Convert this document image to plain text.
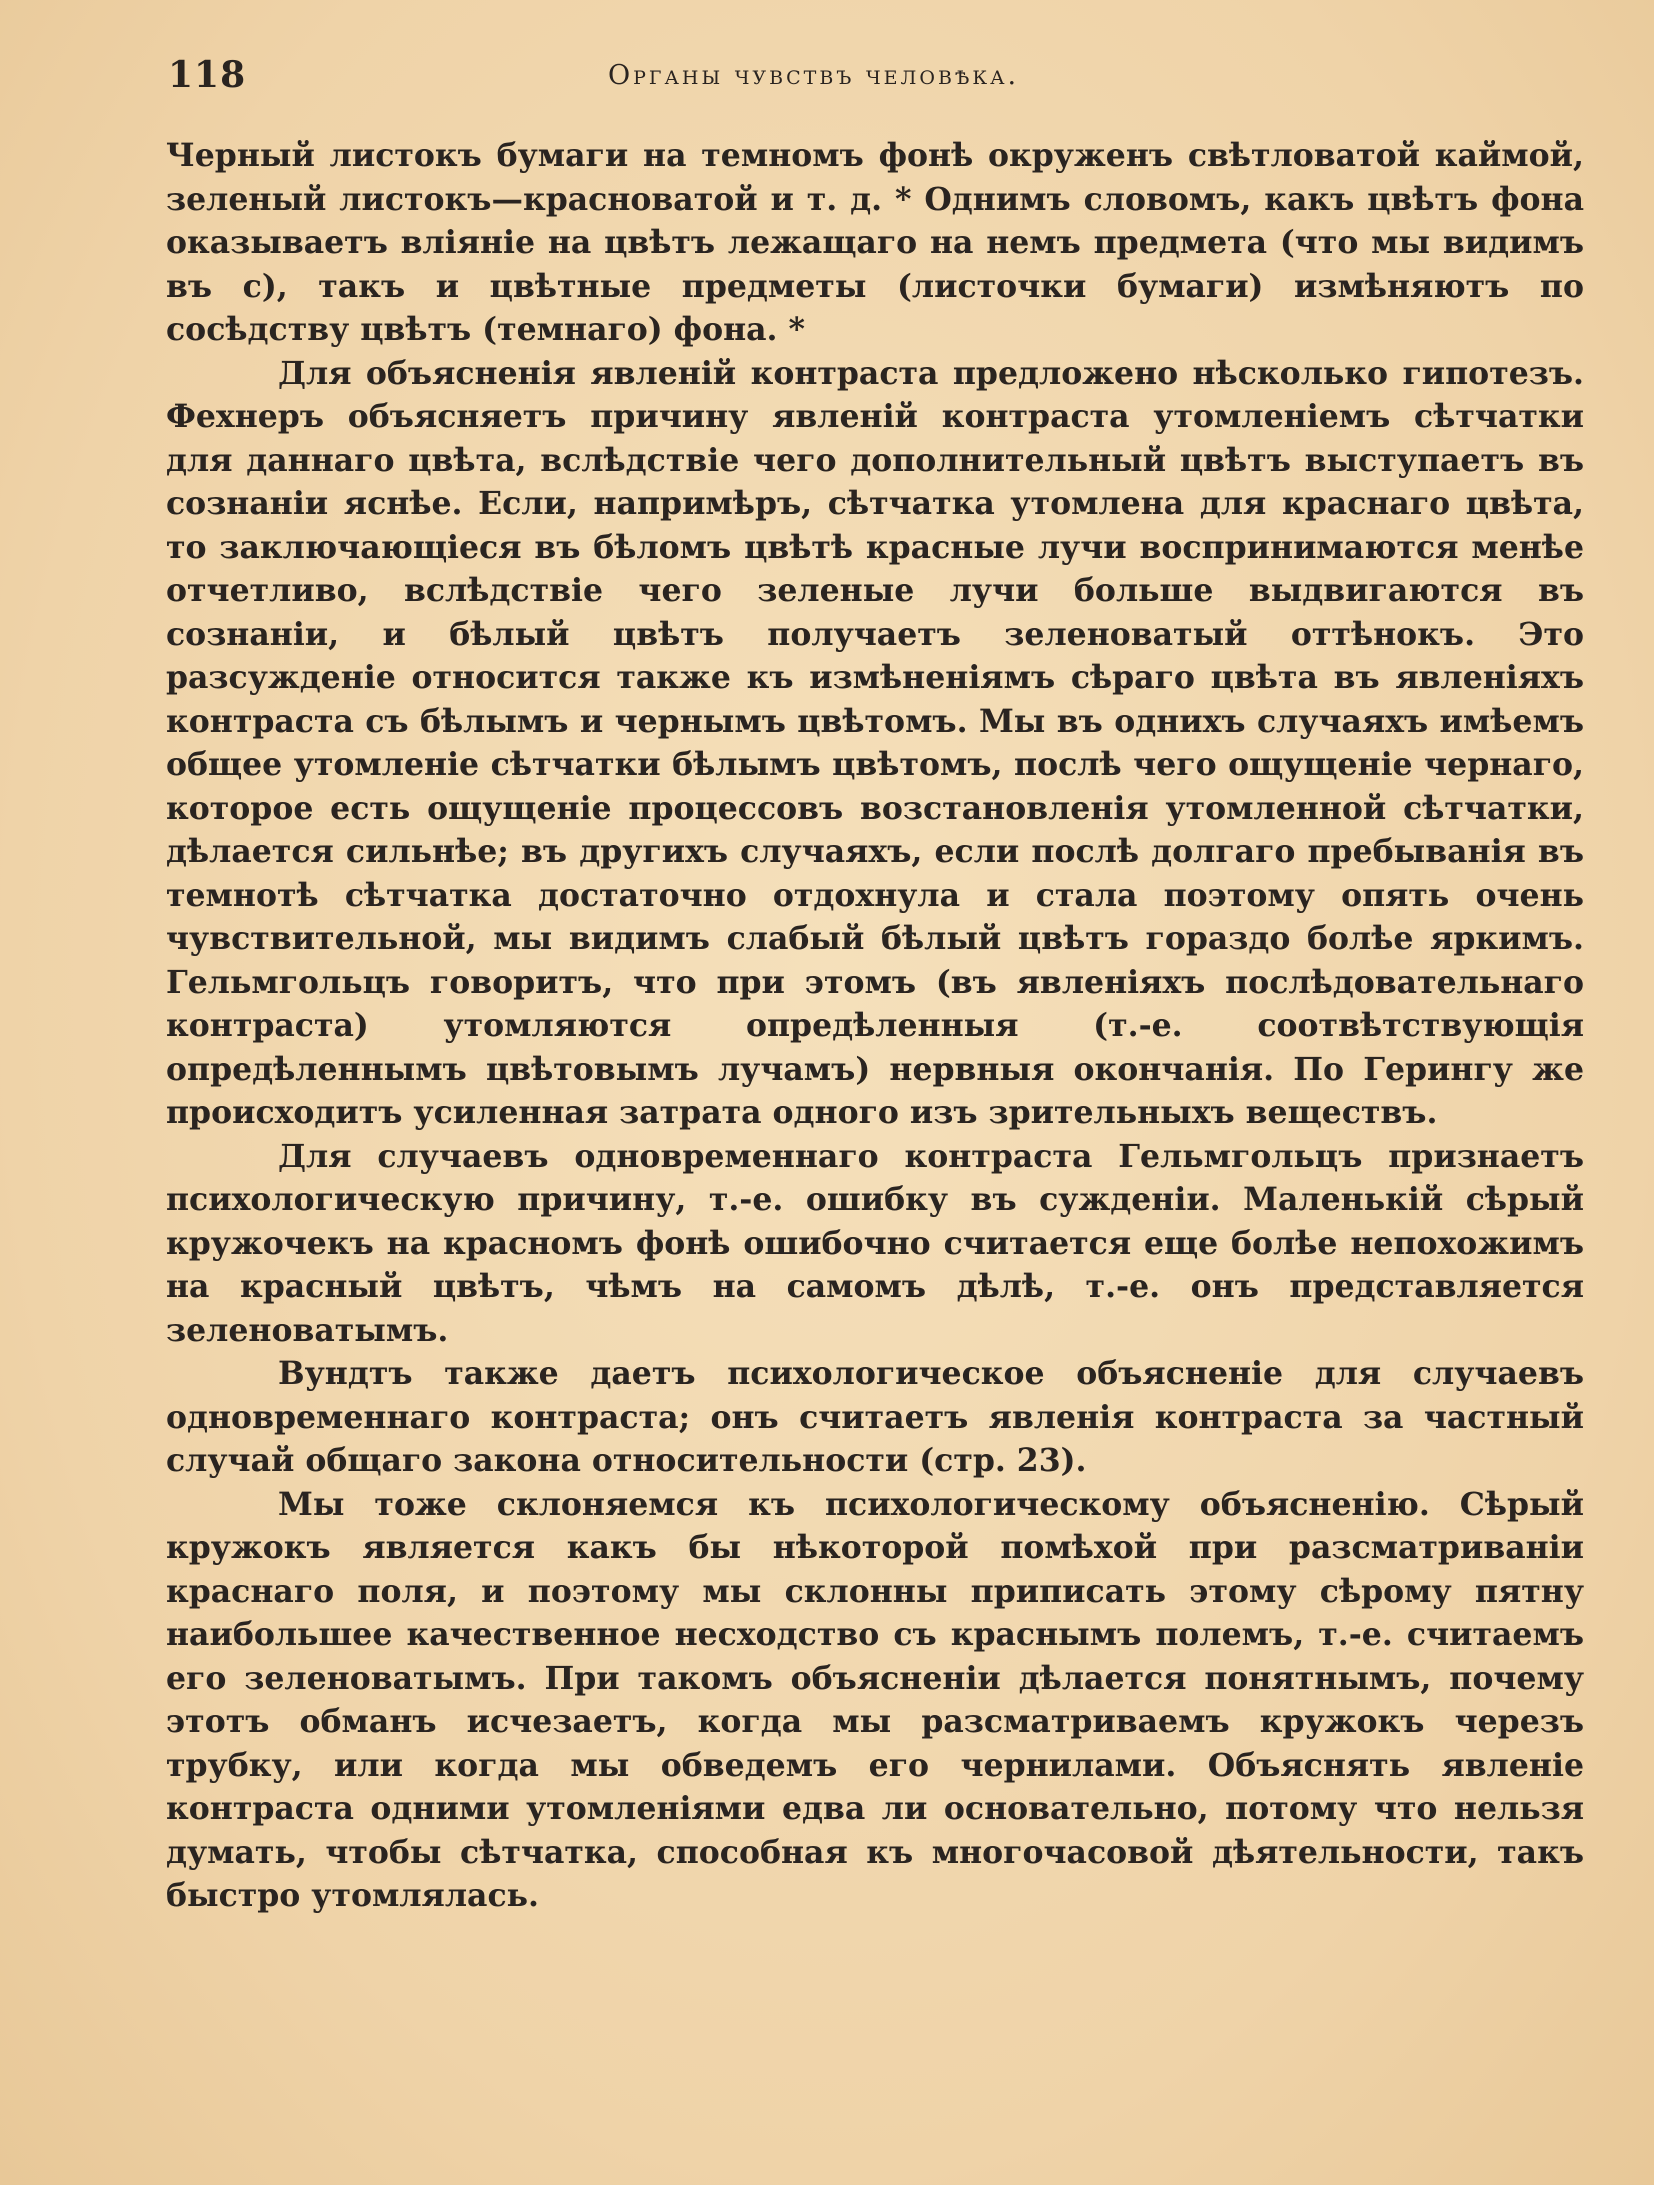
118	Органы чувствъ человѣка.

Черный листокъ бумаги на темномъ фонѣ окруженъ свѣтловатой каймой, зеленый листокъ—красноватой и т. д. * Однимъ словомъ, какъ цвѣтъ фона оказываетъ вліяніе на цвѣтъ лежащаго на немъ предмета (что мы видимъ въ с), такъ и цвѣтные предметы (листочки бумаги) измѣняютъ по сосѣдству цвѣтъ (темнаго) фона. *

Для объясненія явленій контраста предложено нѣсколько гипотезъ. Фехнеръ объясняетъ причину явленій контраста утомленіемъ сѣтчатки для даннаго цвѣта, вслѣдствіе чего дополнительный цвѣтъ выступаетъ въ сознаніи яснѣе. Если, напримѣръ, сѣтчатка утомлена для краснаго цвѣта, то заключающіеся въ бѣломъ цвѣтѣ красные лучи воспринимаются менѣе отчетливо, вслѣдствіе чего зеленые лучи больше выдвигаются въ сознаніи, и бѣлый цвѣтъ получаетъ зеленоватый оттѣнокъ. Это разсужденіе относится также къ измѣненіямъ сѣраго цвѣта въ явленіяхъ контраста съ бѣлымъ и чернымъ цвѣтомъ. Мы въ однихъ случаяхъ имѣемъ общее утомленіе сѣтчатки бѣлымъ цвѣтомъ, послѣ чего ощущеніе чернаго, которое есть ощущеніе процессовъ возстановленія утомленной сѣтчатки, дѣлается сильнѣе; въ другихъ случаяхъ, если послѣ долгаго пребыванія въ темнотѣ сѣтчатка достаточно отдохнула и стала поэтому опять очень чувствительной, мы видимъ слабый бѣлый цвѣтъ гораздо болѣе яркимъ. Гельмгольцъ говоритъ, что при этомъ (въ явленіяхъ послѣдовательнаго контраста) утомляются опредѣленныя (т.-е. соотвѣтствующія опредѣленнымъ цвѣтовымъ лучамъ) нервныя окончанія. По Герингу же происходитъ усиленная затрата одного изъ зрительныхъ веществъ.

Для случаевъ одновременнаго контраста Гельмгольцъ признаетъ психологическую причину, т.-е. ошибку въ сужденіи. Маленькій сѣрый кружочекъ на красномъ фонѣ ошибочно считается еще болѣе непохожимъ на красный цвѣтъ, чѣмъ на самомъ дѣлѣ, т.-е. онъ представляется зеленоватымъ.

Вундтъ также даетъ психологическое объясненіе для случаевъ одновременнаго контраста; онъ считаетъ явленія контраста за частный случай общаго закона относительности (стр. 23).

Мы тоже склоняемся къ психологическому объясненію. Сѣрый кружокъ является какъ бы нѣкоторой помѣхой при разсматриваніи краснаго поля, и поэтому мы склонны приписать этому сѣрому пятну наибольшее качественное несходство съ краснымъ полемъ, т.-е. считаемъ его зеленоватымъ. При такомъ объясненіи дѣлается понятнымъ, почему этотъ обманъ исчезаетъ, когда мы разсматриваемъ кружокъ черезъ трубку, или когда мы обведемъ его чернилами. Объяснять явленіе контраста одними утомленіями едва ли основательно, потому что нельзя думать, чтобы сѣтчатка, способная къ многочасовой дѣятельности, такъ быстро утомлялась.
